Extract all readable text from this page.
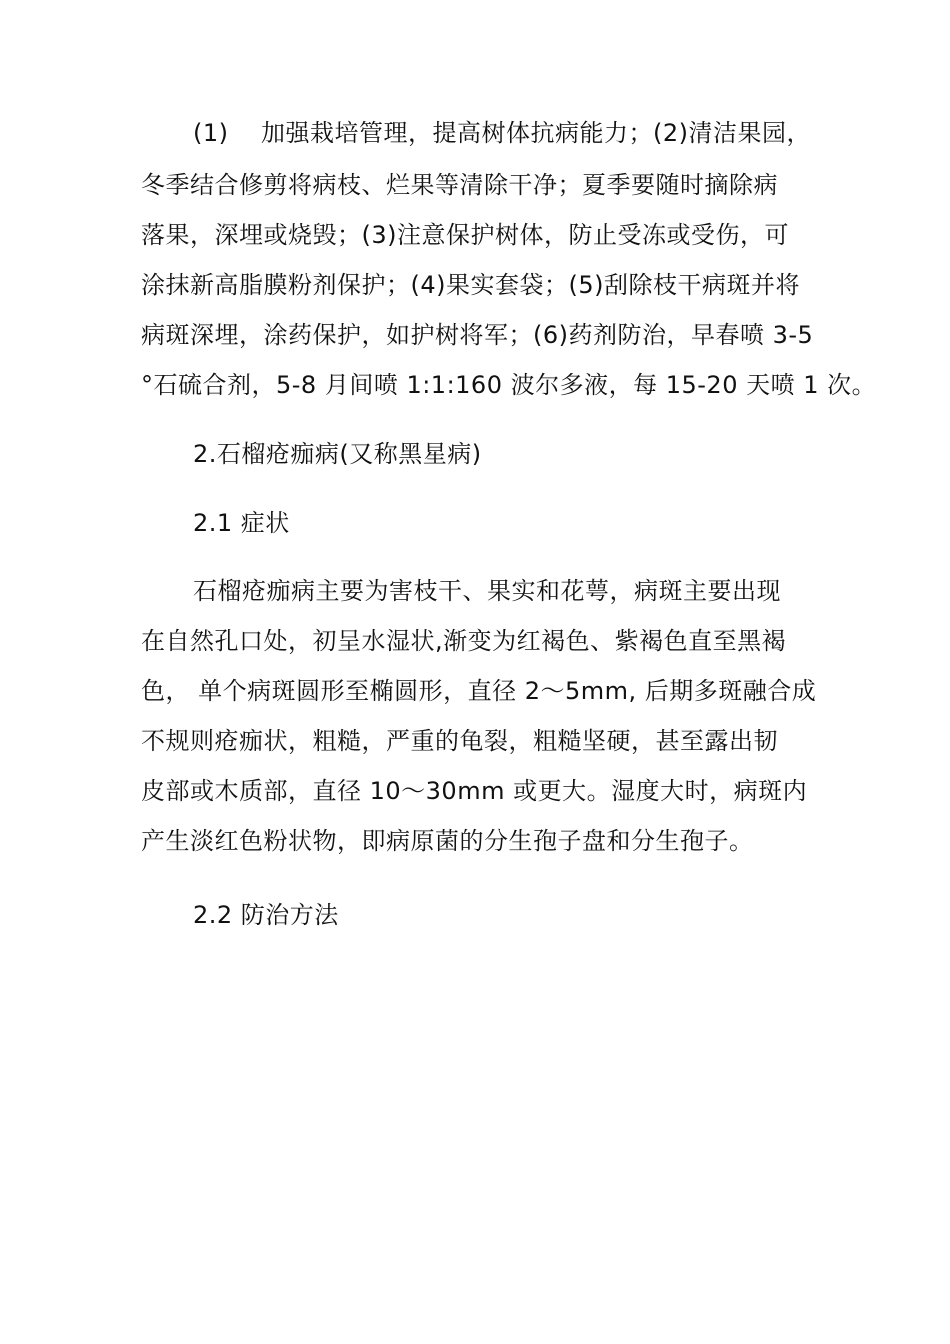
(1)    加强栽培管理，提高树体抗病能力；(2)清洁果园，
冬季结合修剪将病枝、烂果等清除干净；夏季要随时摘除病
落果，深埋或烧毁；(3)注意保护树体，防止受冻或受伤，可
涂抹新高脂膜粉剂保护；(4)果实套袋；(5)刮除枝干病斑并将
病斑深埋，涂药保护，如护树将军；(6)药剂防治，早春喷 3-5
°石硫合剂，5-8 月间喷 1:1:160 波尔多液，每 15-20 天喷 1 次。
2.石榴疮痂病(又称黑星病)
2.1 症状
石榴疮痂病主要为害枝干、果实和花萼，病斑主要出现
在自然孔口处，初呈水湿状,渐变为红褐色、紫褐色直至黑褐
色， 单个病斑圆形至椭圆形，直径 2～5mm, 后期多斑融合成
不规则疮痂状，粗糙，严重的龟裂，粗糙坚硬，甚至露出韧
皮部或木质部，直径 10～30mm 或更大。湿度大时，病斑内
产生淡红色粉状物，即病原菌的分生孢子盘和分生孢子。
2.2 防治方法
